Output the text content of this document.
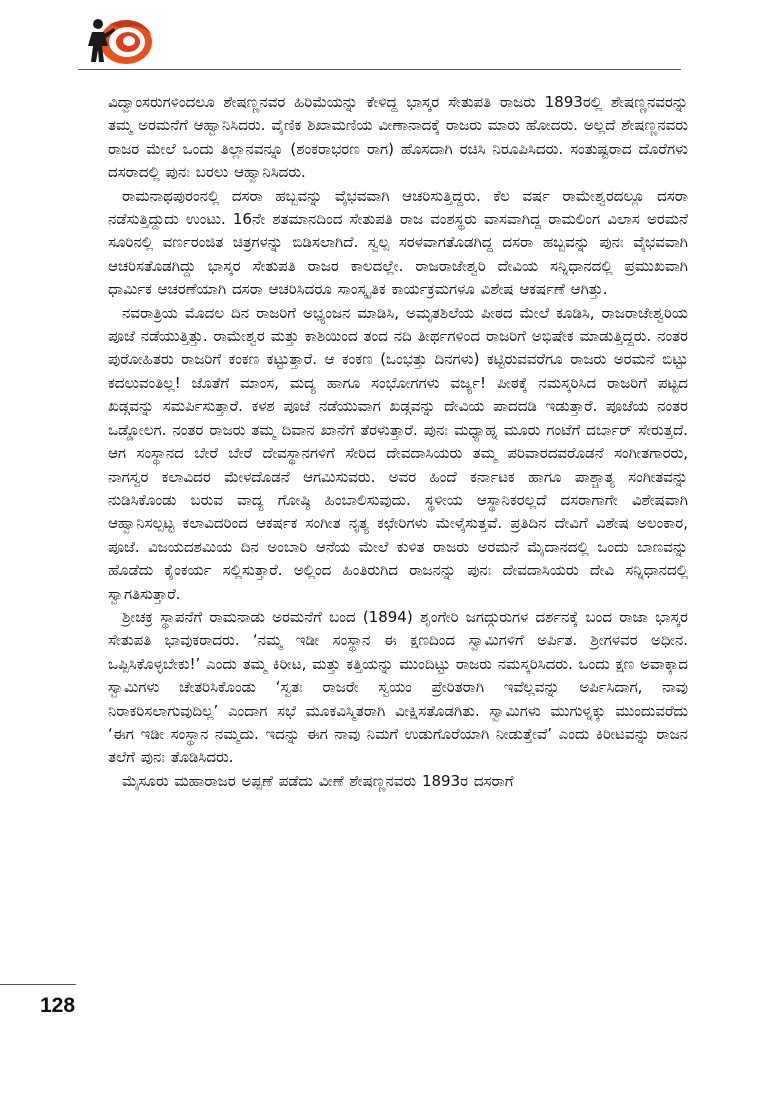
ವಿದ್ವಾಂಸರುಗಳಿಂದಲೂ ಶೇಷಣ್ಣನವರ ಹಿರಿಮೆಯನ್ನು ಕೇಳಿದ್ದ ಭಾಸ್ಕರ ಸೇತುಪತಿ ರಾಜರು 1893ರಲ್ಲಿ ಶೇಷಣ್ಣನವರನ್ನು ತಮ್ಮ ಅರಮನೆಗೆ ಆಹ್ವಾನಿಸಿದರು. ವೈಣಿಕ ಶಿಖಾಮಣಿಯ ವೀಣಾನಾದಕ್ಕೆ ರಾಜರು ಮಾರು ಹೋದರು. ಅಲ್ಲದೆ ಶೇಷಣ್ಣನವರು ರಾಜರ ಮೇಲೆ ಒಂದು ತಿಲ್ಲಾನವನ್ನೂ (ಶಂಕರಾಭರಣ ರಾಗ) ಹೊಸದಾಗಿ ರಚಿಸಿ ನಿರೂಪಿಸಿದರು. ಸಂತುಷ್ಟರಾದ ದೊರೆಗಳು ದಸರಾದಲ್ಲಿ ಪುನಃ ಬರಲು ಆಹ್ವಾನಿಸಿದರು.

ರಾಮನಾಥಪುರಂನಲ್ಲಿ ದಸರಾ ಹಬ್ಬವನ್ನು ವೈಭವವಾಗಿ ಆಚರಿಸುತ್ತಿದ್ದರು. ಕೆಲ ವರ್ಷ ರಾಮೇಶ್ವರದಲ್ಲೂ ದಸರಾ ನಡೆಸುತ್ತಿದ್ದುದು ಉಂಟು. 16ನೇ ಶತಮಾನದಿಂದ ಸೇತುಪತಿ ರಾಜ ವಂಶಸ್ಥರು ವಾಸವಾಗಿದ್ದ ರಾಮಲಿಂಗ ವಿಲಾಸ ಅರಮನೆ ಸೂರಿನಲ್ಲಿ ವರ್ಣರಂಜಿತ ಚಿತ್ರಗಳನ್ನು ಬಿಡಿಸಲಾಗಿದೆ. ಸ್ವಲ್ಪ ಸರಳವಾಗತೊಡಗಿದ್ದ ದಸರಾ ಹಬ್ಬವನ್ನು ಪುನಃ ವೈಭವವಾಗಿ ಆಚರಿಸತೊಡಗಿದ್ದು ಭಾಸ್ಕರ ಸೇತುಪತಿ ರಾಜರ ಕಾಲದಲ್ಲೇ. ರಾಜರಾಜೇಶ್ವರಿ ದೇವಿಯ ಸನ್ನಿಧಾನದಲ್ಲಿ ಪ್ರಮುಖವಾಗಿ ಧಾರ್ಮಿಕ ಆಚರಣೆಯಾಗಿ ದಸರಾ ಆಚರಿಸಿದರೂ ಸಾಂಸ್ಕೃತಿಕ ಕಾರ್ಯಕ್ರಮಗಳೂ ವಿಶೇಷ ಆಕರ್ಷಣೆ ಆಗಿತ್ತು.

ನವರಾತ್ರಿಯ ಮೊದಲ ದಿನ ರಾಜರಿಗೆ ಅಭ್ಯಂಜನ ಮಾಡಿಸಿ, ಅಮೃತಶಿಲೆಯ ಪೀಠದ ಮೇಲೆ ಕೂಡಿಸಿ, ರಾಜರಾಜೇಶ್ವರಿಯ ಪೂಜೆ ನಡೆಯುತ್ತಿತ್ತು. ರಾಮೇಶ್ವರ ಮತ್ತು ಕಾಶಿಯಿಂದ ತಂದ ನದಿ ತೀರ್ಥಗಳಿಂದ ರಾಜರಿಗೆ ಅಭಿಷೇಕ ಮಾಡುತ್ತಿದ್ದರು. ನಂತರ ಪುರೋಹಿತರು ರಾಜರಿಗೆ ಕಂಕಣ ಕಟ್ಟುತ್ತಾರೆ. ಆ ಕಂಕಣ (ಒಂಭತ್ತು ದಿನಗಳು) ಕಟ್ಟಿರುವವರೆಗೂ ರಾಜರು ಅರಮನೆ ಬಿಟ್ಟು ಕದಲುವಂತಿಲ್ಲ! ಜೊತೆಗೆ ಮಾಂಸ, ಮದ್ಯ ಹಾಗೂ ಸಂಭೋಗಗಳು ವರ್ಜ್ಯ! ಪೀಠಕ್ಕೆ ನಮಸ್ಕರಿಸಿದ ರಾಜರಿಗೆ ಪಟ್ಟದ ಖಡ್ಗವನ್ನು ಸಮರ್ಪಿಸುತ್ತಾರೆ. ಕಳಶ ಪೂಜೆ ನಡೆಯುವಾಗ ಖಡ್ಗವನ್ನು ದೇವಿಯ ಪಾದದಡಿ ಇಡುತ್ತಾರೆ. ಪೂಜೆಯ ನಂತರ ಒಡ್ಡೋಲಗ. ನಂತರ ರಾಜರು ತಮ್ಮ ದಿವಾನ ಖಾನೆಗೆ ತೆರಳುತ್ತಾರೆ. ಪುನಃ ಮಧ್ಯಾಹ್ನ ಮೂರು ಗಂಟೆಗೆ ದರ್ಬಾರ್ ಸೇರುತ್ತದೆ. ಆಗ ಸಂಸ್ಥಾನದ ಬೇರೆ ಬೇರೆ ದೇವಸ್ಥಾನಗಳಿಗೆ ಸೇರಿದ ದೇವದಾಸಿಯರು ತಮ್ಮ ಪರಿವಾರದವರೊಡನೆ ಸಂಗೀತಗಾರರು, ನಾಗಸ್ವರ ಕಲಾವಿದರ ಮೇಳದೊಡನೆ ಆಗಮಿಸುವರು. ಅವರ ಹಿಂದೆ ಕರ್ನಾಟಕ ಹಾಗೂ ಪಾಶ್ಚಾತ್ಯ ಸಂಗೀತವನ್ನು ನುಡಿಸಿಕೊಂಡು ಬರುವ ವಾದ್ಯ ಗೋಷ್ಠಿ ಹಿಂಬಾಲಿಸುವುದು. ಸ್ಥಳೀಯ ಆಸ್ಥಾನಿಕರಲ್ಲದೆ ದಸರಾಗಾಗೇ ವಿಶೇಷವಾಗಿ ಆಹ್ವಾನಿಸಲ್ಪಟ್ಟ ಕಲಾವಿದರಿಂದ ಆಕರ್ಷಕ ಸಂಗೀತ ನೃತ್ಯ ಕಛೇರಿಗಳು ಮೇಳೈಸುತ್ತವೆ. ಪ್ರತಿದಿನ ದೇವಿಗೆ ವಿಶೇಷ ಅಲಂಕಾರ, ಪೂಜೆ. ವಿಜಯದಶಮಿಯ ದಿನ ಅಂಬಾರಿ ಆನೆಯ ಮೇಲೆ ಕುಳಿತ ರಾಜರು ಅರಮನೆ ಮೈದಾನದಲ್ಲಿ ಒಂದು ಬಾಣವನ್ನು ಹೊಡೆದು ಕೈಂಕರ್ಯ ಸಲ್ಲಿಸುತ್ತಾರೆ. ಅಲ್ಲಿಂದ ಹಿಂತಿರುಗಿದ ರಾಜನನ್ನು ಪುನಃ ದೇವದಾಸಿಯರು ದೇವಿ ಸನ್ನಿಧಾನದಲ್ಲಿ ಸ್ವಾಗತಿಸುತ್ತಾರೆ.

ಶ್ರೀಚಕ್ರ ಸ್ಥಾಪನೆಗೆ ರಾಮನಾಡು ಅರಮನೆಗೆ ಬಂದ (1894) ಶೃಂಗೇರಿ ಜಗದ್ಗುರುಗಳ ದರ್ಶನಕ್ಕೆ ಬಂದ ರಾಜಾ ಭಾಸ್ಕರ ಸೇತುಪತಿ ಭಾವುಕರಾದರು. ‘ನಮ್ಮ ಇಡೀ ಸಂಸ್ಥಾನ ಈ ಕ್ಷಣದಿಂದ ಸ್ವಾಮಿಗಳಿಗೆ ಅರ್ಪಿತ. ಶ್ರೀಗಳವರ ಅಧೀನ. ಒಪ್ಪಿಸಿಕೊಳ್ಳಬೇಕು!’ ಎಂದು ತಮ್ಮ ಕಿರೀಟ, ಮತ್ತು ಕತ್ತಿಯನ್ನು ಮುಂದಿಟ್ಟು ರಾಜರು ನಮಸ್ಕರಿಸಿದರು. ಒಂದು ಕ್ಷಣ ಅವಾಕ್ಕಾದ ಸ್ವಾಮಿಗಳು ಚೇತರಿಸಿಕೊಂಡು ‘ಸ್ವತಃ ರಾಜರೇ ಸ್ವಯಂ ಪ್ರೇರಿತರಾಗಿ ಇವೆಲ್ಲವನ್ನು ಅರ್ಪಿಸಿದಾಗ, ನಾವು ನಿರಾಕರಿಸಲಾಗುವುದಿಲ್ಲ’ ಎಂದಾಗ ಸಭೆ ಮೂಕವಿಸ್ಮಿತರಾಗಿ ವೀಕ್ಷಿಸತೊಡಗಿತು. ಸ್ವಾಮಿಗಳು ಮುಗುಳ್ನಕ್ಕು ಮುಂದುವರೆದು ‘ಈಗ ಇಡೀ ಸಂಸ್ಥಾನ ನಮ್ಮದು. ಇದನ್ನು ಈಗ ನಾವು ನಿಮಗೆ ಉಡುಗೊರೆಯಾಗಿ ನೀಡುತ್ತೇವೆ’ ಎಂದು ಕಿರೀಟವನ್ನು ರಾಜನ ತಲೆಗೆ ಪುನಃ ತೊಡಿಸಿದರು.

ಮೈಸೂರು ಮಹಾರಾಜರ ಅಪ್ಪಣೆ ಪಡೆದು ವೀಣೆ ಶೇಷಣ್ಣನವರು 1893ರ ದಸರಾಗೆ

128
